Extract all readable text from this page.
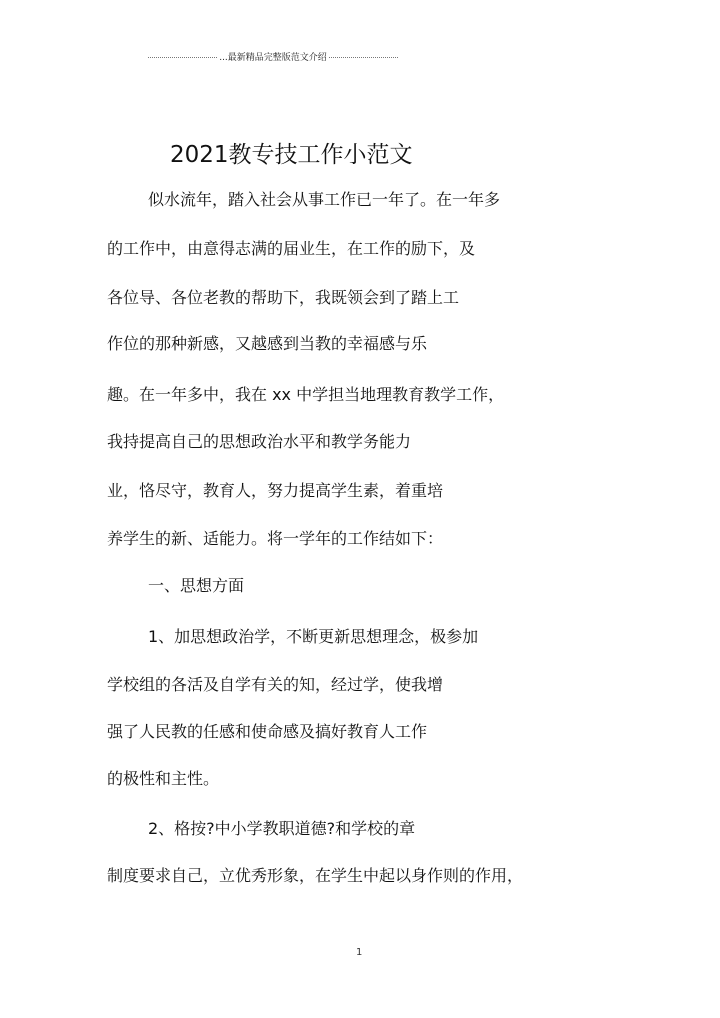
...最新精品完整版范文介绍
2021教专技工作小范文
似水流年，踏入社会从事工作已一年了。在一年多
的工作中，由意得志满的届业生，在工作的励下，及
各位导、各位老教的帮助下，我既领会到了踏上工
作位的那种新感，又越感到当教的幸福感与乐
趣。在一年多中，我在 xx 中学担当地理教育教学工作，
我持提高自己的思想政治水平和教学务能力
业，恪尽守，教育人，努力提高学生素，着重培
养学生的新、适能力。将一学年的工作结如下：
一、思想方面
1、加思想政治学，不断更新思想理念，极参加
学校组的各活及自学有关的知，经过学，使我增
强了人民教的任感和使命感及搞好教育人工作
的极性和主性。
2、格按?中小学教职道德?和学校的章
制度要求自己，立优秀形象，在学生中起以身作则的作用，
1
